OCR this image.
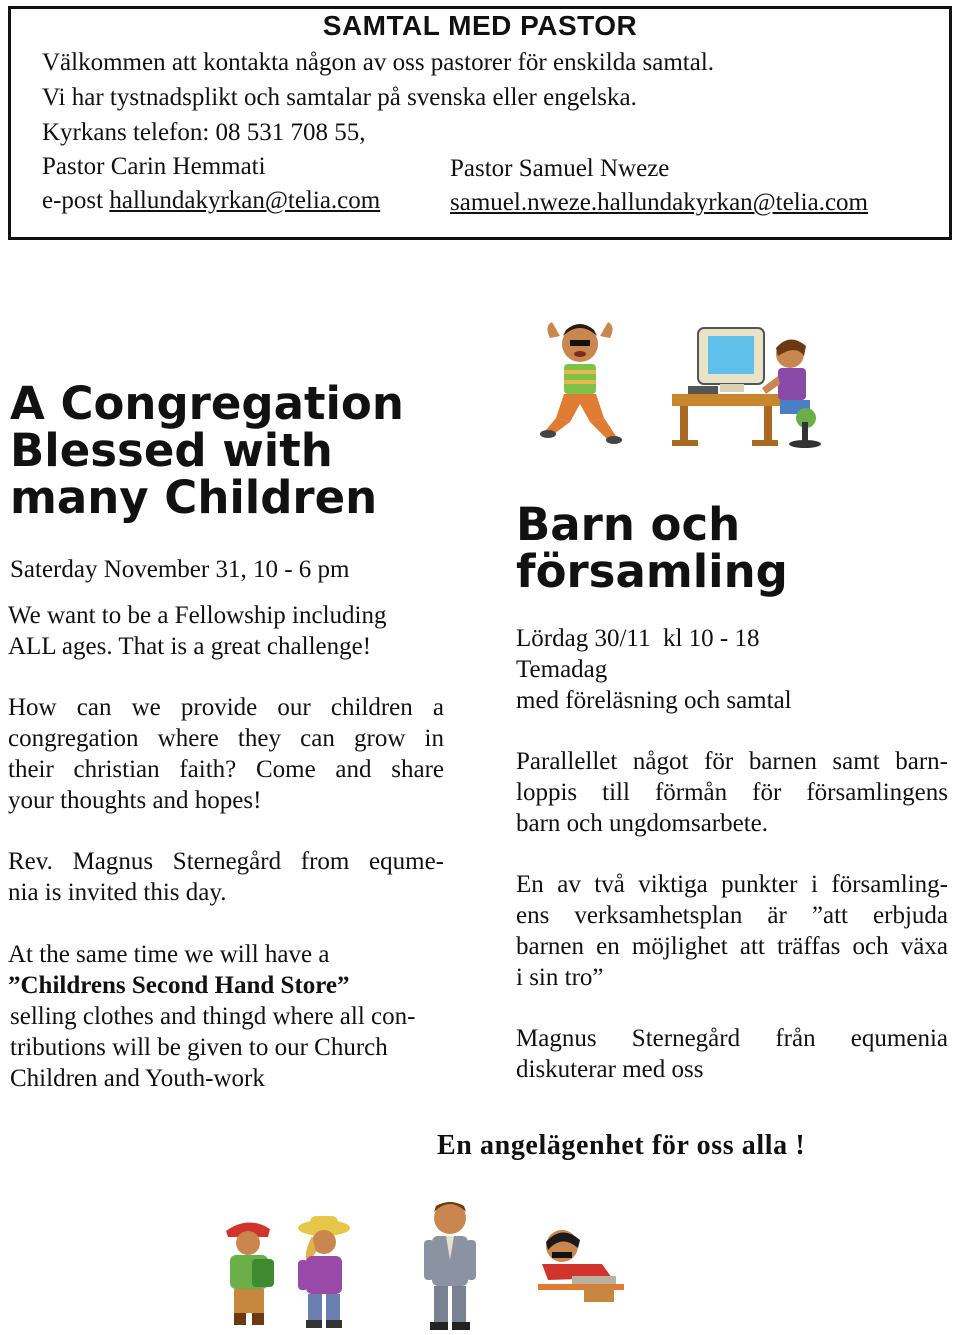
SAMTAL MED PASTOR
Välkommen att kontakta någon av oss pastorer för enskilda samtal.
Vi har tystnadsplikt och samtalar på svenska eller engelska.
Kyrkans telefon: 08 531 708 55,
Pastor Carin Hemmati
e-post hallundakyrkan@telia.com
Pastor Samuel Nweze
samuel.nweze.hallundakyrkan@telia.com
A Congregation
Blessed with
many Children
Saterday November 31, 10 - 6 pm
We want to be a Fellowship including
ALL ages. That is a great challenge!
How can we provide our children a
congregation where they can grow in
their christian faith? Come and share
your thoughts and hopes!
Rev. Magnus Sternegård from equme-
nia is invited this day.
At the same time we will have a
”Childrens Second Hand Store”
selling clothes and thingd where all con-
tributions will be given to our Church
Children and Youth-work
Barn och
församling
Lördag 30/11  kl 10 - 18
Temadag
med föreläsning och samtal
Parallellet något för barnen samt barn-
loppis till förmån för församlingens
barn och ungdomsarbete.
En av två viktiga punkter i församling-
ens verksamhetsplan är ”att erbjuda
barnen en möjlighet att träffas och växa
i sin tro”
Magnus Sternegård från equmenia
diskuterar med oss
En angelägenhet för oss alla !
